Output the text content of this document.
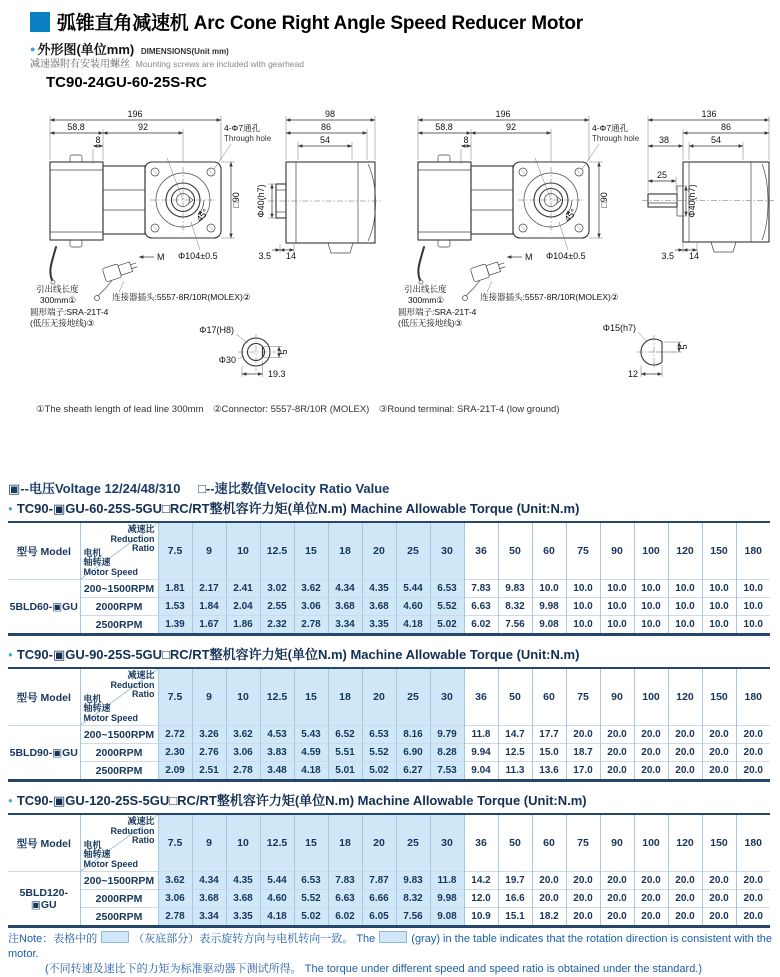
弧锥直角减速机 Arc Cone Right Angle Speed Reducer Motor
● 外形图(单位mm) DIMENSIONS(Unit mm)
减速器附有安装用螺丝 Mounting screws are included with gearhead
TC90-24GU-60-25S-RC
45°
4-Φ7通孔
Through hole
196
58.8	92
8
□90
Φ104±0.5
M
引出线长度
300mm①	连接器插头:5557-8R/10R(MOLEX)②
圆形端子:SRA-21T-4
(低压无接地线)③
98
86
54
Φ40(h7)
3.5 14
Φ17(H8)
Φ30
19.3
5
45°
4-Φ7通孔
Through hole
196
58.8	92
8
□90
Φ104±0.5
M
引出线长度
300mm①	连接器插头:5557-8R/10R(MOLEX)②
圆形端子:SRA-21T-4
(低压无接地线)③
136
86
54
38
25
Φ40(h7)
3.5 14
Φ15(h7)
12
5
①The sheath length of lead line 300mm　②Connector: 5557-8R/10R (MOLEX)　③Round terminal: SRA-21T-4 (low ground)
▣--电压Voltage 12/24/48/310 □--速比数值Velocity Ratio Value
● TC90-▣GU-60-25S-5GU□RC/RT整机容许力矩(单位N.m) Machine Allowable Torque (Unit:N.m)
型号 Model	
减速比
Reduction
Ratio
电机
轴转速
Motor Speed
	7.5	9	10	12.5	15	18	20	25	30	36	50	60	75	90	100	120	150	180
5BLD60-▣GU	200~1500RPM	1.81	2.17	2.41	3.02	3.62	4.34	4.35	5.44	6.53	7.83	9.83	10.0	10.0	10.0	10.0	10.0	10.0	10.0
	2000RPM	1.53	1.84	2.04	2.55	3.06	3.68	3.68	4.60	5.52	6.63	8.32	9.98	10.0	10.0	10.0	10.0	10.0	10.0
	2500RPM	1.39	1.67	1.86	2.32	2.78	3.34	3.35	4.18	5.02	6.02	7.56	9.08	10.0	10.0	10.0	10.0	10.0	10.0
● TC90-▣GU-90-25S-5GU□RC/RT整机容许力矩(单位N.m) Machine Allowable Torque (Unit:N.m)
型号 Model	
减速比
Reduction
Ratio
电机
轴转速
Motor Speed
	7.5	9	10	12.5	15	18	20	25	30	36	50	60	75	90	100	120	150	180
5BLD90-▣GU	200~1500RPM	2.72	3.26	3.62	4.53	5.43	6.52	6.53	8.16	9.79	11.8	14.7	17.7	20.0	20.0	20.0	20.0	20.0	20.0
	2000RPM	2.30	2.76	3.06	3.83	4.59	5.51	5.52	6.90	8.28	9.94	12.5	15.0	18.7	20.0	20.0	20.0	20.0	20.0
	2500RPM	2.09	2.51	2.78	3.48	4.18	5.01	5.02	6.27	7.53	9.04	11.3	13.6	17.0	20.0	20.0	20.0	20.0	20.0
● TC90-▣GU-120-25S-5GU□RC/RT整机容许力矩(单位N.m) Machine Allowable Torque (Unit:N.m)
型号 Model	
减速比
Reduction
Ratio
电机
轴转速
Motor Speed
	7.5	9	10	12.5	15	18	20	25	30	36	50	60	75	90	100	120	150	180
5BLD120-▣GU	200~1500RPM	3.62	4.34	4.35	5.44	6.53	7.83	7.87	9.83	11.8	14.2	19.7	20.0	20.0	20.0	20.0	20.0	20.0	20.0
	2000RPM	3.06	3.68	3.68	4.60	5.52	6.63	6.66	8.32	9.98	12.0	16.6	20.0	20.0	20.0	20.0	20.0	20.0	20.0
	2500RPM	2.78	3.34	3.35	4.18	5.02	6.02	6.05	7.56	9.08	10.9	15.1	18.2	20.0	20.0	20.0	20.0	20.0	20.0
注Note：表格中的	（灰底部分）表示旋转方向与电机转向一致。 The	(gray) in the table indicates that the rotation direction is consistent with the motor.
(不同转速及速比下的力矩为标准驱动器下测试所得。 The torque under different speed and speed ratio is obtained under the standard.)
